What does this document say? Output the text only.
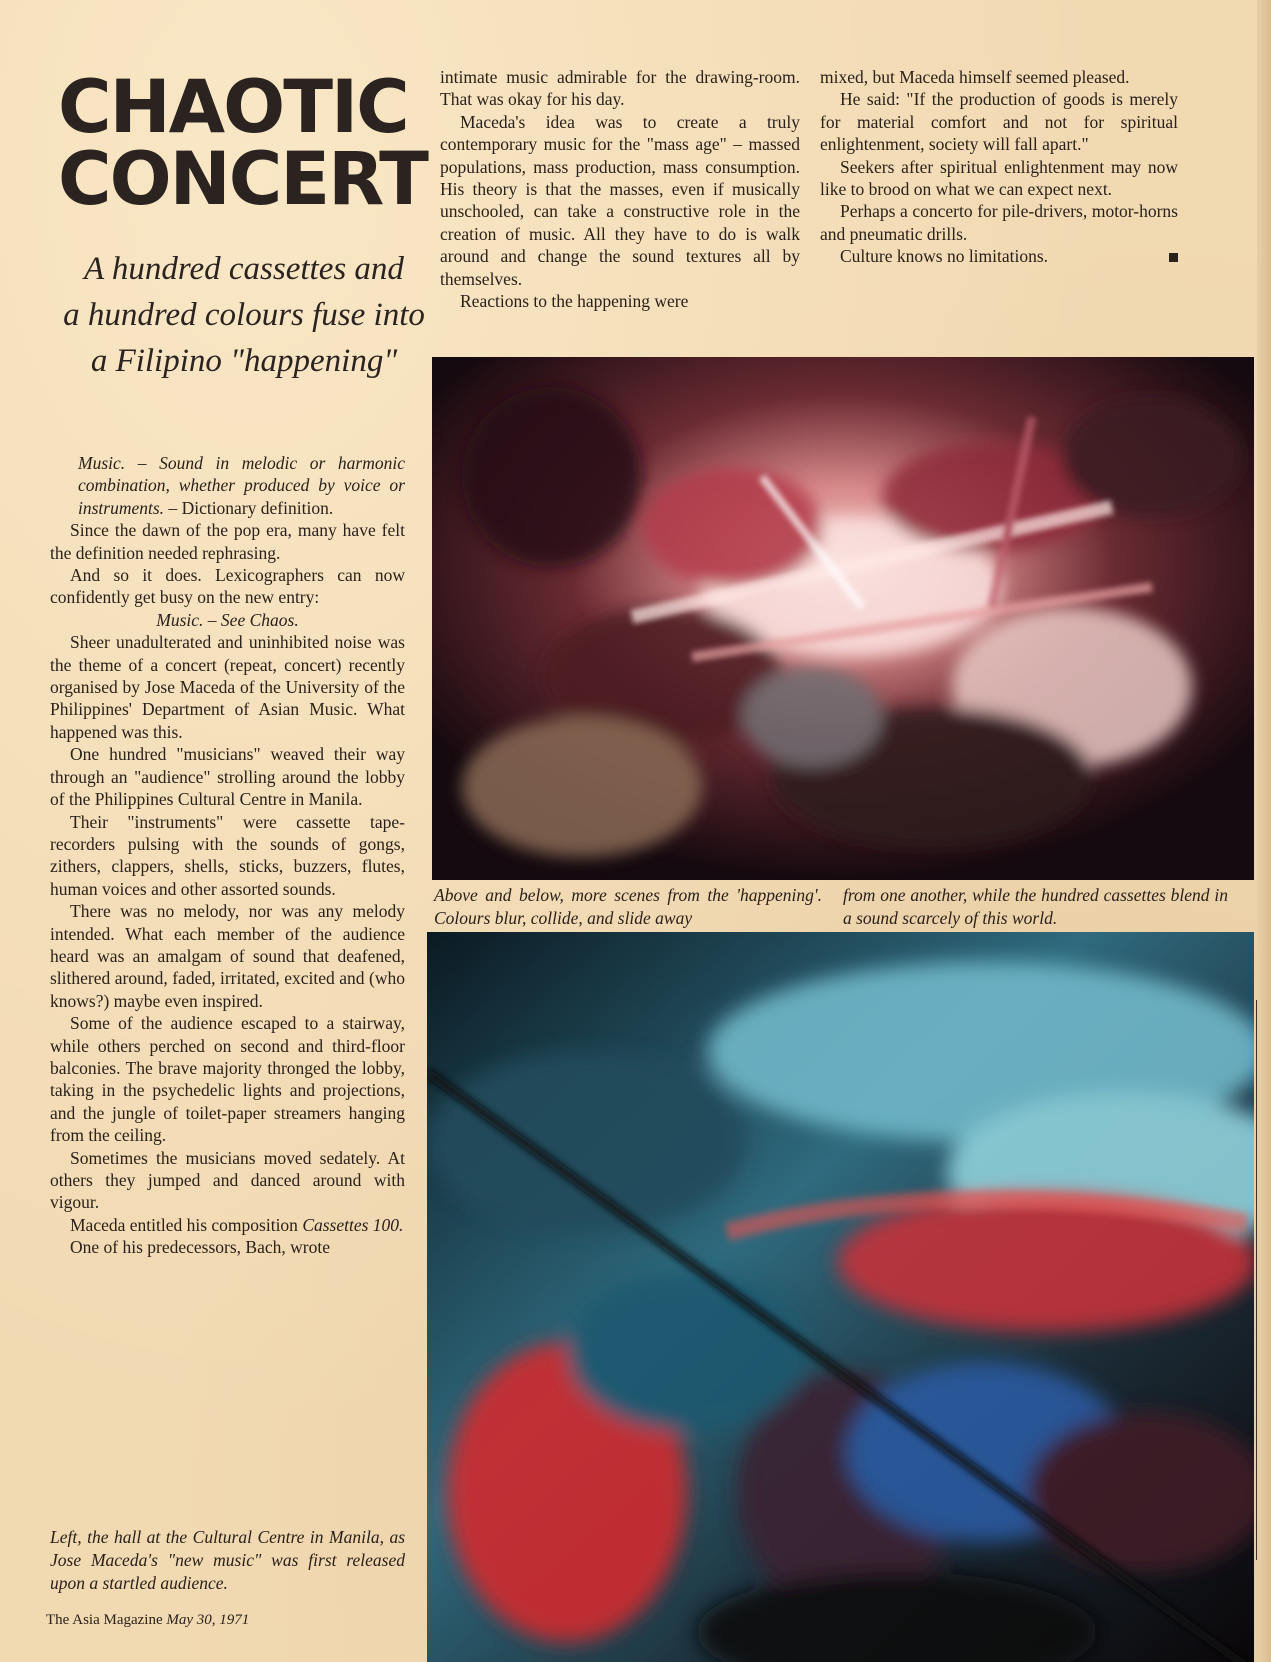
CHAOTIC
CONCERT
A hundred cassettes and
a hundred colours fuse into
a Filipino "happening"

Music. – Sound in melodic or harmonic combination, whether produced by voice or instruments. – Dictionary definition.

Since the dawn of the pop era, many have felt the definition needed rephrasing.

And so it does. Lexicographers can now confidently get busy on the new entry:

Music. – See Chaos.

Sheer unadulterated and uninhibited noise was the theme of a concert (repeat, concert) recently organised by Jose Maceda of the University of the Philippines' Department of Asian Music. What happened was this.

One hundred "musicians" weaved their way through an "audience" strolling around the lobby of the Philippines Cultural Centre in Manila.

Their "instruments" were cassette tape-recorders pulsing with the sounds of gongs, zithers, clappers, shells, sticks, buzzers, flutes, human voices and other assorted sounds.

There was no melody, nor was any melody intended. What each member of the audience heard was an amalgam of sound that deafened, slithered around, faded, irritated, excited and (who knows?) maybe even inspired.

Some of the audience escaped to a stairway, while others perched on second and third-floor balconies. The brave majority thronged the lobby, taking in the psychedelic lights and projections, and the jungle of toilet-paper streamers hanging from the ceiling.

Sometimes the musicians moved sedately. At others they jumped and danced around with vigour.

Maceda entitled his composition Cassettes 100.

One of his predecessors, Bach, wrote

Left, the hall at the Cultural Centre in Manila, as Jose Maceda's "new music" was first released upon a startled audience.
The Asia Magazine May 30, 1971

intimate music admirable for the drawing-room. That was okay for his day.

Maceda's idea was to create a truly contemporary music for the "mass age" – massed populations, mass production, mass consumption. His theory is that the masses, even if musically unschooled, can take a constructive role in the creation of music. All they have to do is walk around and change the sound textures all by themselves.

Reactions to the happening were

mixed, but Maceda himself seemed pleased.

He said: "If the production of goods is merely for material comfort and not for spiritual enlightenment, society will fall apart."

Seekers after spiritual enlightenment may now like to brood on what we can expect next.

Perhaps a concerto for pile-drivers, motor-horns and pneumatic drills.

Culture knows no limitations.

Above and below, more scenes from the 'happening'. Colours blur, collide, and slide away
from one another, while the hundred cassettes blend in a sound scarcely of this world.
